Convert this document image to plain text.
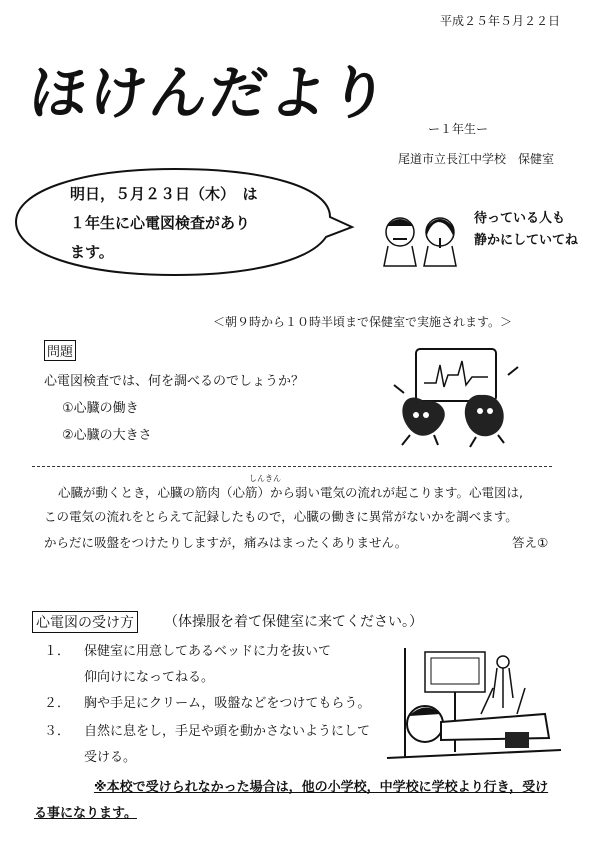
平成２５年５月２２日
ほけんだより
ー１年生ー
尾道市立長江中学校　保健室
明日，５月２３日（木）　は
１年生に心電図検査があり
ます。
待っている人も
静かにしていてね
＜朝９時から１０時半頃まで保健室で実施されます。＞
問題
心電図検査では、何を調べるのでしょうか？
①心臓の働き
②心臓の大きさ
しんきん
心臓が動くとき，心臓の筋肉（心筋）から弱い電気の流れが起こります。心電図は,
この電気の流れをとらえて記録したもので，心臓の働きに異常がないかを調べます。
からだに吸盤をつけたりしますが，痛みはまったくありません。	答え①
心電図の受け方 （体操服を着て保健室に来てください。）
１． 保健室に用意してあるベッドに力を抜いて
仰向けになってねる。
２． 胸や手足にクリーム，吸盤などをつけてもらう。
３． 自然に息をし，手足や頭を動かさないようにして
受ける。
※本校で受けられなかった場合は，他の小学校，中学校に学校より行き，受け
る事になります。
